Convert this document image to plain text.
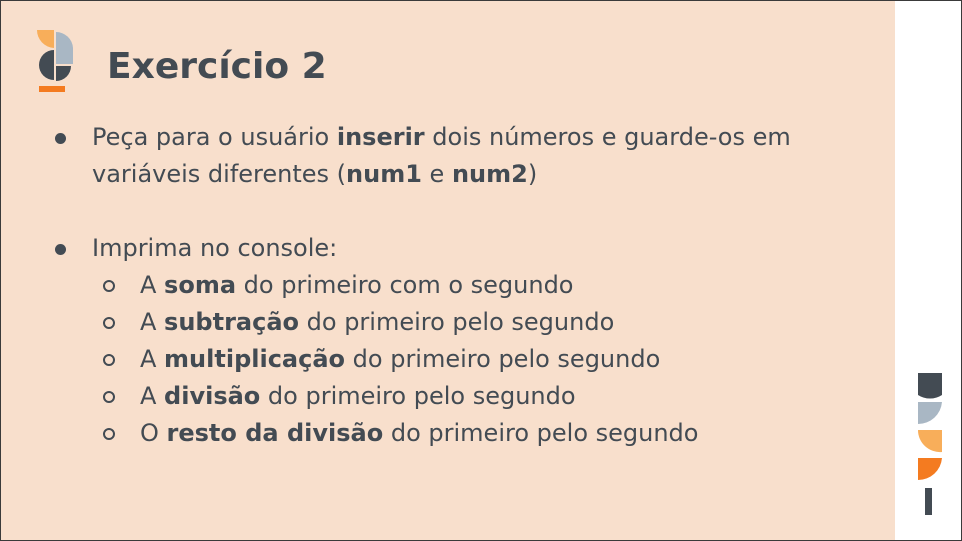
Exercício 2
Peça para o usuário inserir dois números e guarde-os em
variáveis diferentes (num1 e num2)
Imprima no console:
A soma do primeiro com o segundo
A subtração do primeiro pelo segundo
A multiplicação do primeiro pelo segundo
A divisão do primeiro pelo segundo
O resto da divisão do primeiro pelo segundo
